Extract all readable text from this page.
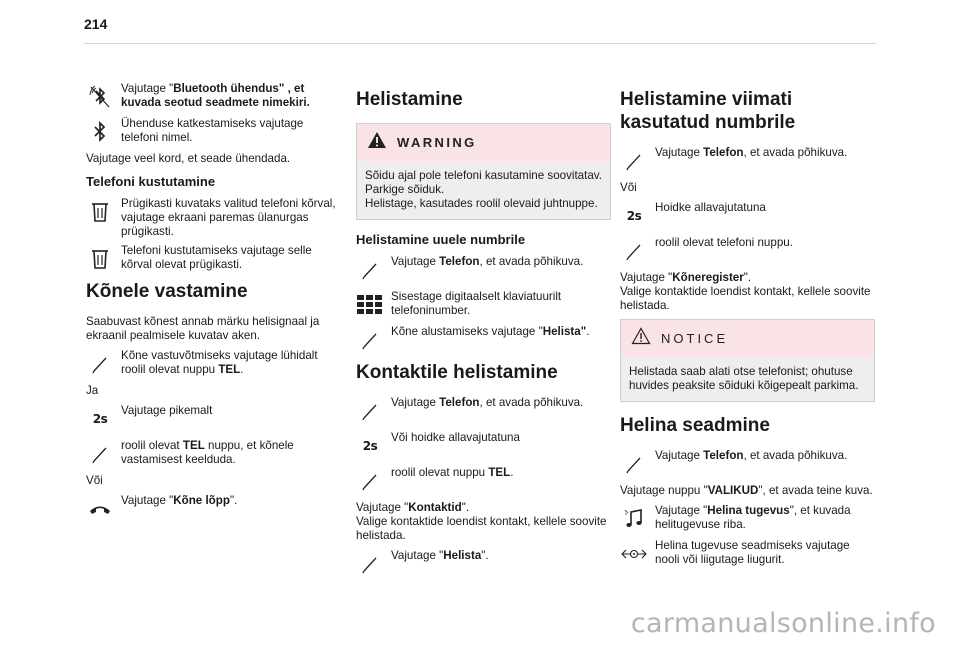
214
Vajutage "Bluetooth ühendus" , et kuvada seotud seadmete nimekiri.
Ühenduse katkestamiseks vajutage telefoni nimel.

Vajutage veel kord, et seade ühendada.

Telefoni kustutamine
Prügikasti kuvataks valitud telefoni kõrval, vajutage ekraani paremas ülanurgas prügikasti.
Telefoni kustutamiseks vajutage selle kõrval olevat prügikasti.
Kõnele vastamine

Saabuvast kõnest annab märku helisignaal ja ekraanil pealmisele kuvatav aken.

Kõne vastuvõtmiseks vajutage lühidalt roolil olevat nuppu TEL.

Ja

2s
Vajutage pikemalt
roolil olevat TEL nuppu, et kõnele vastamisest keelduda.

Või

Vajutage "Kõne lõpp".
Helistamine
WARNING
Sõidu ajal pole telefoni kasutamine soovitatav. Parkige sõiduk.
Helistage, kasutades roolil olevaid juhtnuppe.
Helistamine uuele numbrile
Vajutage Telefon, et avada põhikuva.
Sisestage digitaalselt klaviatuurilt telefoninumber.
Kõne alustamiseks vajutage "Helista".
Kontaktile helistamine
Vajutage Telefon, et avada põhikuva.
2s
Või hoidke allavajutatuna
roolil olevat nuppu TEL.

Vajutage "Kontaktid".
Valige kontaktide loendist kontakt, kellele soovite helistada.

Vajutage "Helista".
Helistamine viimati kasutatud numbrile
Vajutage Telefon, et avada põhikuva.

Või

2s
Hoidke allavajutatuna
roolil olevat telefoni nuppu.

Vajutage "Kõneregister".
Valige kontaktide loendist kontakt, kellele soovite helistada.

NOTICE
Helistada saab alati otse telefonist; ohutuse huvides peaksite sõiduki kõigepealt parkima.
Helina seadmine
Vajutage Telefon, et avada põhikuva.

Vajutage nuppu "VALIKUD", et avada teine kuva.

Vajutage "Helina tugevus", et kuvada helitugevuse riba.
Helina tugevuse seadmiseks vajutage nooli või liigutage liugurit.
carmanualsonline.info
